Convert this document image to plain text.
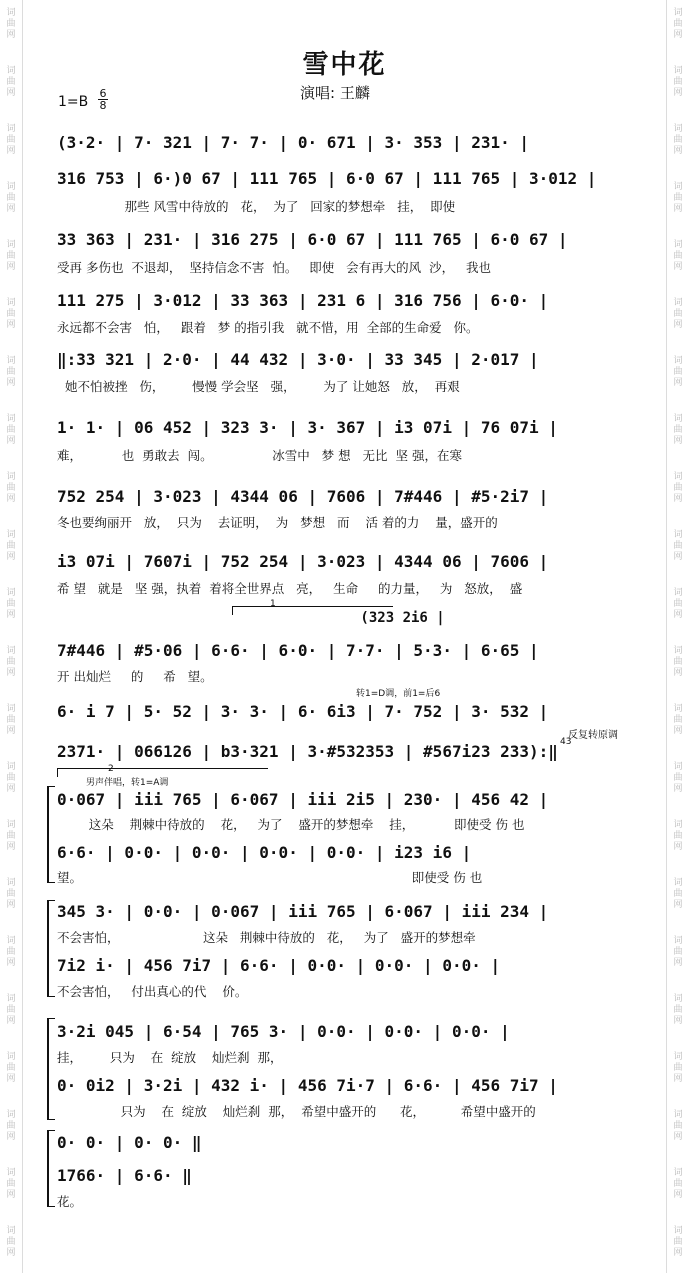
词
曲
网
词
曲
网
词
曲
网
词
曲
网
词
曲
网
词
曲
网
词
曲
网
词
曲
网
词
曲
网
词
曲
网
词
曲
网
词
曲
网
词
曲
网
词
曲
网
词
曲
网
词
曲
网
词
曲
网
词
曲
网
词
曲
网
词
曲
网
词
曲
网
词
曲
网
词
曲
网
词
曲
网
词
曲
网
词
曲
网
词
曲
网
词
曲
网
词
曲
网
词
曲
网
词
曲
网
词
曲
网
词
曲
网
词
曲
网
词
曲
网
词
曲
网
词
曲
网
词
曲
网
词
曲
网
词
曲
网
词
曲
网
词
曲
网
词
曲
网
词
曲
网
雪中花
演唱: 王麟
1=B
6
8
(3·2· | 7· 321 | 7· 7· | 0· 671 | 3· 353 | 231· |
316 753 | 6·)0 67 | 111 765 | 6·0 67 | 111 765 | 3·012 |
那些 风雪中待放的   花，  为了   回家的梦想牵   挂，  即使
33 363 | 231· | 316 275 | 6·0 67 | 111 765 | 6·0 67 |
受再 多伤也  不退却，  坚持信念不害  怕。   即使   会有再大的风  沙，   我也
111 275 | 3·012 | 33 363 | 231 6 | 316 756 | 6·0· |
永远都不会害   怕，   跟着   梦 的指引我   就不惜，用  全部的生命爱   你。
‖:33 321 | 2·0· | 44 432 | 3·0· | 33 345 | 2·017 |
她不怕被挫   伤，       慢慢 学会坚   强，       为了 让她怒   放，  再艰
1· 1· | 06 452 | 323 3· | 3· 367 | i3 07i | 76 07i |
难，          也  勇敢去  闯。               冰雪中   梦 想   无比  坚 强，在寒
752 254 | 3·023 | 4344 06 | 7606 | 7#446 | #5·2i7 |
冬也要绚丽开   放，  只为    去证明，  为   梦想   而    活 着的力    量，盛开的
i3 07i | 7607i | 752 254 | 3·023 | 4344 06 | 7606 |
希 望   就是   坚 强，执着  着将全世界点   亮，   生命     的力量，   为   怒放，  盛
1
(323 2i6 |
7#446 | #5·06 | 6·6· | 6·0· | 7·7· | 5·3· | 6·65 |
开 出灿烂     的     希   望。
转1=D调，前1=后6
6· i 7 | 5· 52 | 3· 3· | 6· 6i3 | 7· 752 | 3· 532 |
反复转原调
43
2371· | 066126 | b3·321 | 3·#532353 | #567i23 233):‖
2
男声伴唱，转1=A调
0·067 | iii 765 | 6·067 | iii 2i5 | 230· | 456 42 |
这朵    荆棘中待放的    花，   为了    盛开的梦想牵    挂，          即使受 伤 也
6·6· | 0·0· | 0·0· | 0·0· | 0·0· | i23 i6 |
望。                                                                                   即使受 伤 也
345 3· | 0·0· | 0·067 | iii 765 | 6·067 | iii 234 |
不会害怕，                     这朵   荆棘中待放的   花，   为了   盛开的梦想牵
7i2 i· | 456 7i7 | 6·6· | 0·0· | 0·0· | 0·0· |
不会害怕，   付出真心的代    价。
3·2i 045 | 6·54 | 765 3· | 0·0· | 0·0· | 0·0· |
挂，       只为    在  绽放    灿烂刹  那，
0· 0i2 | 3·2i | 432 i· | 456 7i·7 | 6·6· | 456 7i7 |
只为    在  绽放    灿烂刹  那，  希望中盛开的      花，         希望中盛开的
0· 0· | 0· 0· ‖
1766· | 6·6· ‖
花。
